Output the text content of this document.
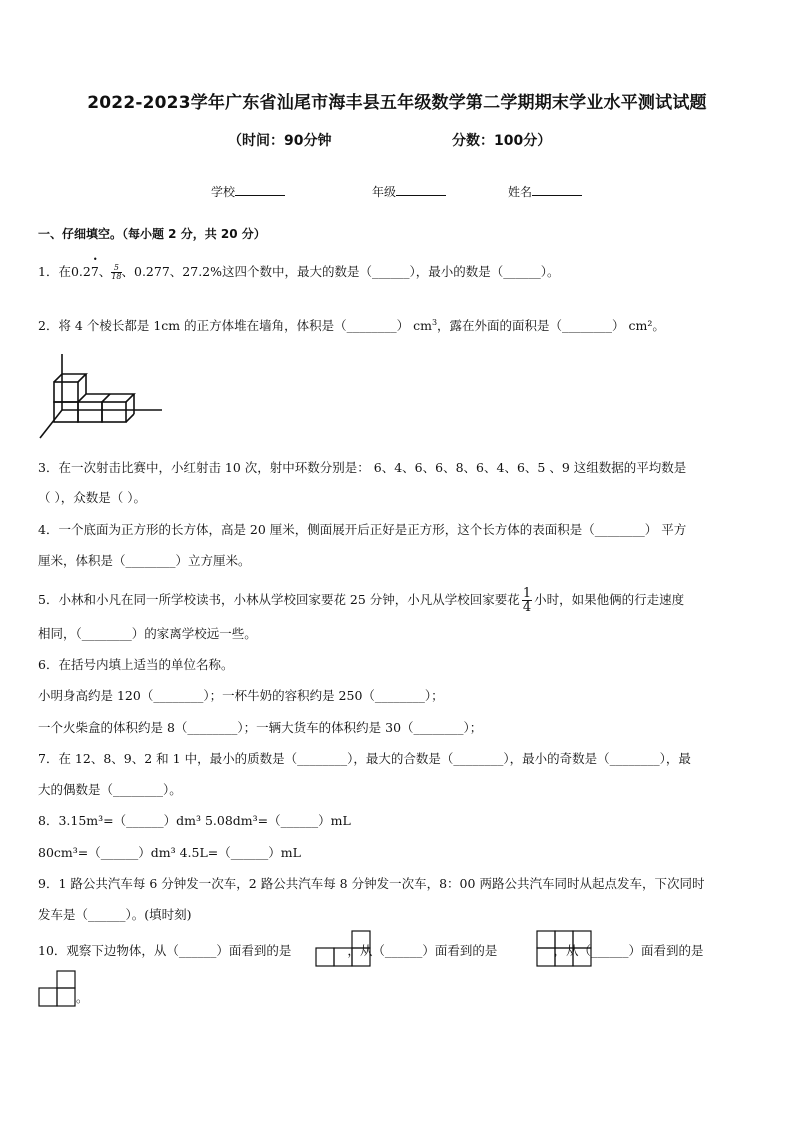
2022-2023学年广东省汕尾市海丰县五年级数学第二学期期末学业水平测试试题
（时间：90分钟	分数：100分）
学校	年级	姓名
一、仔细填空。（每小题 2 分，共 20 分）
1．在0.2• 7、 $\frac{5}{18}$ 、0.277、27.2%这四个数中，最大的数是（______），最小的数是（______）。
2．将 4 个棱长都是 1cm 的正方体堆在墙角，体积是（________） $cm^3$，露在外面的面积是（________） cm²。
3．在一次射击比赛中，小红射击 10 次，射中环数分别是： 6、4、6、6、8、6、4、6、5 、9 这组数据的平均数是
（ ），众数是（ ）。
4．一个底面为正方形的长方体，高是 20 厘米，侧面展开后正好是正方形，这个长方体的表面积是（________） 平方
厘米，体积是（________）立方厘米。
5．小林和小凡在同一所学校读书，小林从学校回家要花 25 分钟，小凡从学校回家要花 $\frac{1}{4}$ 小时，如果他俩的行走速度
相同，（________）的家离学校远一些。
6．在括号内填上适当的单位名称。
小明身高约是 120（________）；一杯牛奶的容积约是 250（________）；
一个火柴盒的体积约是 8（________）；一辆大货车的体积约是 30（________）；
7．在 12、8、9、2 和 1 中，最小的质数是（________），最大的合数是（________），最小的奇数是（________），最
大的偶数是（________）。
8．3.15m³=（______）dm³ 5.08dm³=（______）mL
80cm³=（______）dm³ 4.5L=（______）mL
9．1 路公共汽车每 6 分钟发一次车，2 路公共汽车每 8 分钟发一次车，8：00 两路公共汽车同时从起点发车，下次同时
发车是（______）。(填时刻)
10．观察下边物体，从（______）面看到的是	，从（______）面看到的是	，从（______）面看到的是
。
